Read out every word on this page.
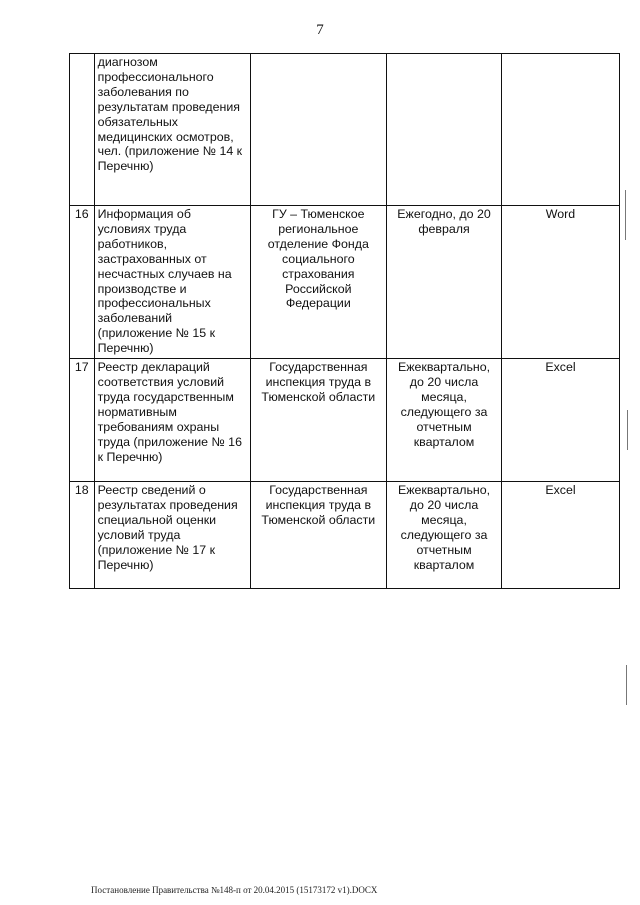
7
	диагнозом профессионального заболевания по результатам проведения обязательных медицинских осмотров, чел. (приложение № 14 к Перечню)			
16	Информация об условиях труда работников, застрахованных от несчастных случаев на производстве и профессиональных заболеваний (приложение № 15 к Перечню)	ГУ – Тюменское региональное отделение Фонда социального страхования Российской Федерации	Ежегодно, до 20 февраля	Word
17	Реестр деклараций соответствия условий труда государственным нормативным требованиям охраны труда (приложение № 16 к Перечню)	Государственная инспекция труда в Тюменской области	Ежеквартально, до 20 числа месяца, следующего за отчетным кварталом	Excel
18	Реестр сведений о результатах проведения специальной оценки условий труда (приложение № 17 к Перечню)	Государственная инспекция труда в Тюменской области	Ежеквартально, до 20 числа месяца, следующего за отчетным кварталом	Excel
Постановление Правительства №148-п от 20.04.2015 (15173172 v1).DOCX
